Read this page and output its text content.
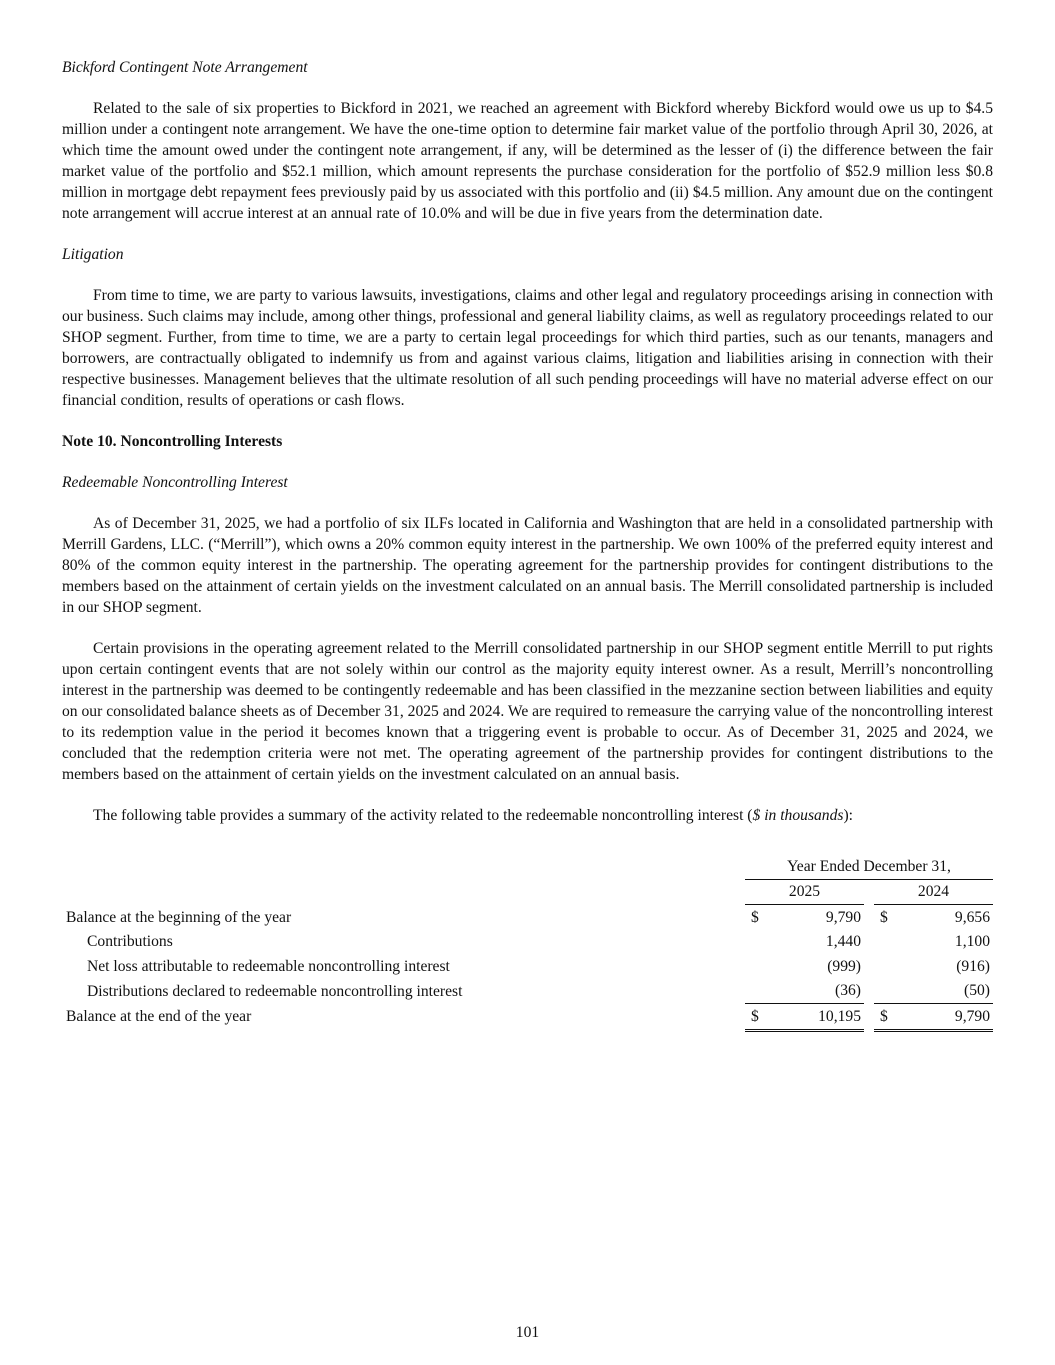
Bickford Contingent Note Arrangement

Related to the sale of six properties to Bickford in 2021, we reached an agreement with Bickford whereby Bickford would owe us up to $4.5 million under a contingent note arrangement. We have the one-time option to determine fair market value of the portfolio through April 30, 2026, at which time the amount owed under the contingent note arrangement, if any, will be determined as the lesser of (i) the difference between the fair market value of the portfolio and $52.1 million, which amount represents the purchase consideration for the portfolio of $52.9 million less $0.8 million in mortgage debt repayment fees previously paid by us associated with this portfolio and (ii) $4.5 million. Any amount due on the contingent note arrangement will accrue interest at an annual rate of 10.0% and will be due in five years from the determination date.

Litigation

From time to time, we are party to various lawsuits, investigations, claims and other legal and regulatory proceedings arising in connection with our business. Such claims may include, among other things, professional and general liability claims, as well as regulatory proceedings related to our SHOP segment. Further, from time to time, we are a party to certain legal proceedings for which third parties, such as our tenants, managers and borrowers, are contractually obligated to indemnify us from and against various claims, litigation and liabilities arising in connection with their respective businesses. Management believes that the ultimate resolution of all such pending proceedings will have no material adverse effect on our financial condition, results of operations or cash flows.

Note 10. Noncontrolling Interests
Redeemable Noncontrolling Interest

As of December 31, 2025, we had a portfolio of six ILFs located in California and Washington that are held in a consolidated partnership with Merrill Gardens, LLC. (“Merrill”), which owns a 20% common equity interest in the partnership. We own 100% of the preferred equity interest and 80% of the common equity interest in the partnership. The operating agreement for the partnership provides for contingent distributions to the members based on the attainment of certain yields on the investment calculated on an annual basis. The Merrill consolidated partnership is included in our SHOP segment.

Certain provisions in the operating agreement related to the Merrill consolidated partnership in our SHOP segment entitle Merrill to put rights upon certain contingent events that are not solely within our control as the majority equity interest owner. As a result, Merrill’s noncontrolling interest in the partnership was deemed to be contingently redeemable and has been classified in the mezzanine section between liabilities and equity on our consolidated balance sheets as of December 31, 2025 and 2024. We are required to remeasure the carrying value of the noncontrolling interest to its redemption value in the period it becomes known that a triggering event is probable to occur. As of December 31, 2025 and 2024, we concluded that the redemption criteria were not met. The operating agreement of the partnership provides for contingent distributions to the members based on the attainment of certain yields on the investment calculated on an annual basis.

The following table provides a summary of the activity related to the redeemable noncontrolling interest ($ in thousands):

	Year Ended December 31,				
	2025			2024	
Balance at the beginning of the year	$	9,790		$	9,656
Contributions		1,440			1,100
Net loss attributable to redeemable noncontrolling interest		(999)			(916)
Distributions declared to redeemable noncontrolling interest		(36)			(50)
Balance at the end of the year	$	10,195		$	9,790
101
